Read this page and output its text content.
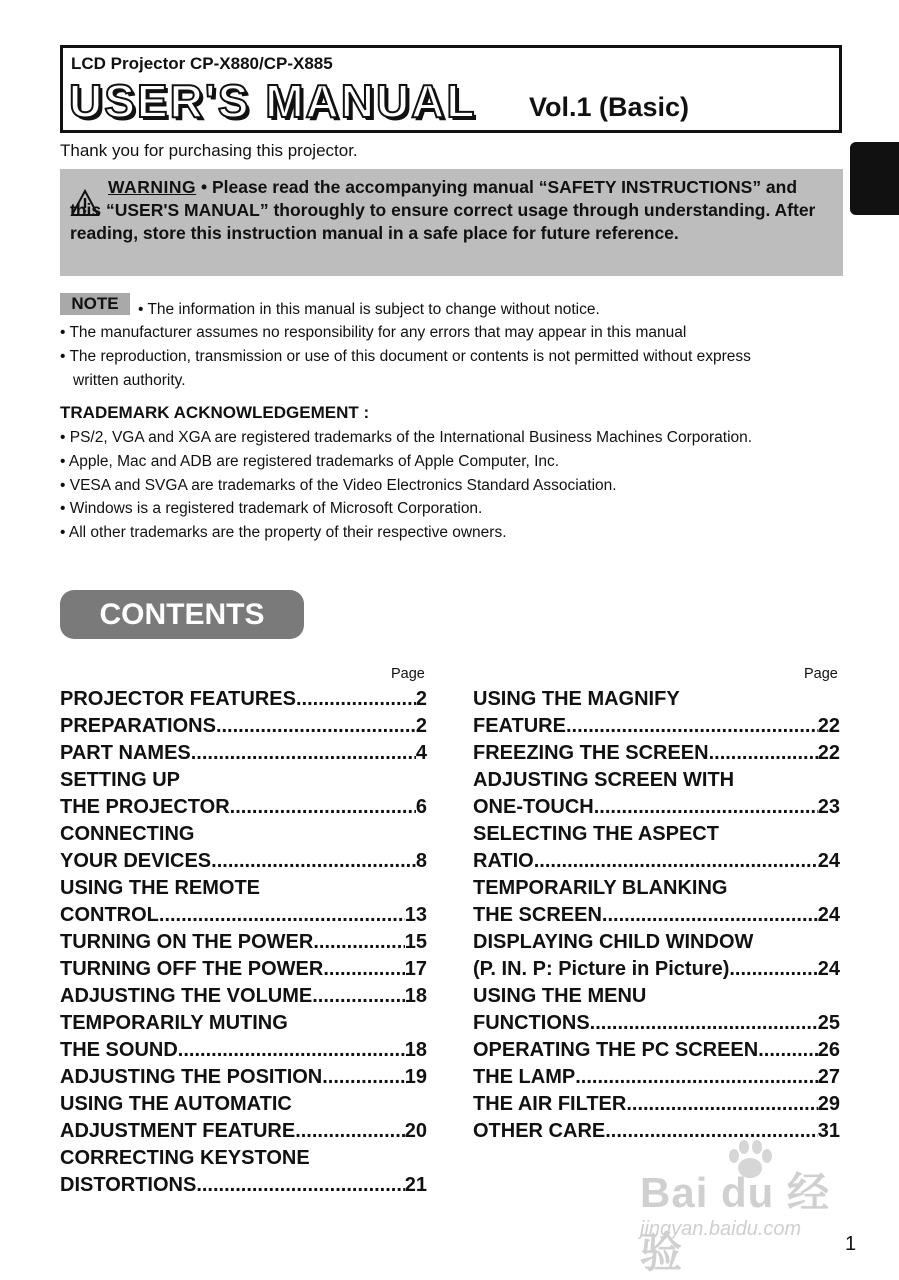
LCD Projector CP-X880/CP-X885
USER'S MANUAL Vol.1 (Basic)
Thank you for purchasing this projector.
WARNING • Please read the accompanying manual “SAFETY INSTRUCTIONS” and this “USER'S MANUAL” thoroughly to ensure correct usage through understanding. After reading, store this instruction manual in a safe place for future reference.
NOTE	• The information in this manual is subject to change without notice.
• The manufacturer assumes no responsibility for any errors that may appear in this manual
• The reproduction, transmission or use of this document or contents is not permitted without express
written authority.
TRADEMARK ACKNOWLEDGEMENT :
• PS/2, VGA and XGA are registered trademarks of the International Business Machines Corporation.
• Apple, Mac and ADB are registered trademarks of Apple Computer, Inc.
• VESA and SVGA are trademarks of the Video Electronics Standard Association.
• Windows is a registered trademark of Microsoft Corporation.
• All other trademarks are the property of their respective owners.
CONTENTS
Page	Page
PROJECTOR FEATURES .....	2
PREPARATIONS .....	2
PART NAMES .....	4
SETTING UP
THE PROJECTOR .....	6
CONNECTING
YOUR DEVICES .....	8
USING THE REMOTE
CONTROL .....	13
TURNING ON THE POWER .....	15
TURNING OFF THE POWER .....	17
ADJUSTING THE VOLUME .....	18
TEMPORARILY MUTING
THE SOUND .....	18
ADJUSTING THE POSITION .....	19
USING THE AUTOMATIC
ADJUSTMENT FEATURE .....	20
CORRECTING KEYSTONE
DISTORTIONS .....	21
USING THE MAGNIFY
FEATURE .....	22
FREEZING THE SCREEN .....	22
ADJUSTING SCREEN WITH
ONE-TOUCH .....	23
SELECTING THE ASPECT
RATIO .....	24
TEMPORARILY BLANKING
THE SCREEN .....	24
DISPLAYING CHILD WINDOW
(P. IN. P: Picture in Picture) .....	24
USING THE MENU
FUNCTIONS .....	25
OPERATING THE PC SCREEN .....	26
THE LAMP .....	27
THE AIR FILTER .....	29
OTHER CARE .....	31
Bai du 经验
jingyan.baidu.com
1
